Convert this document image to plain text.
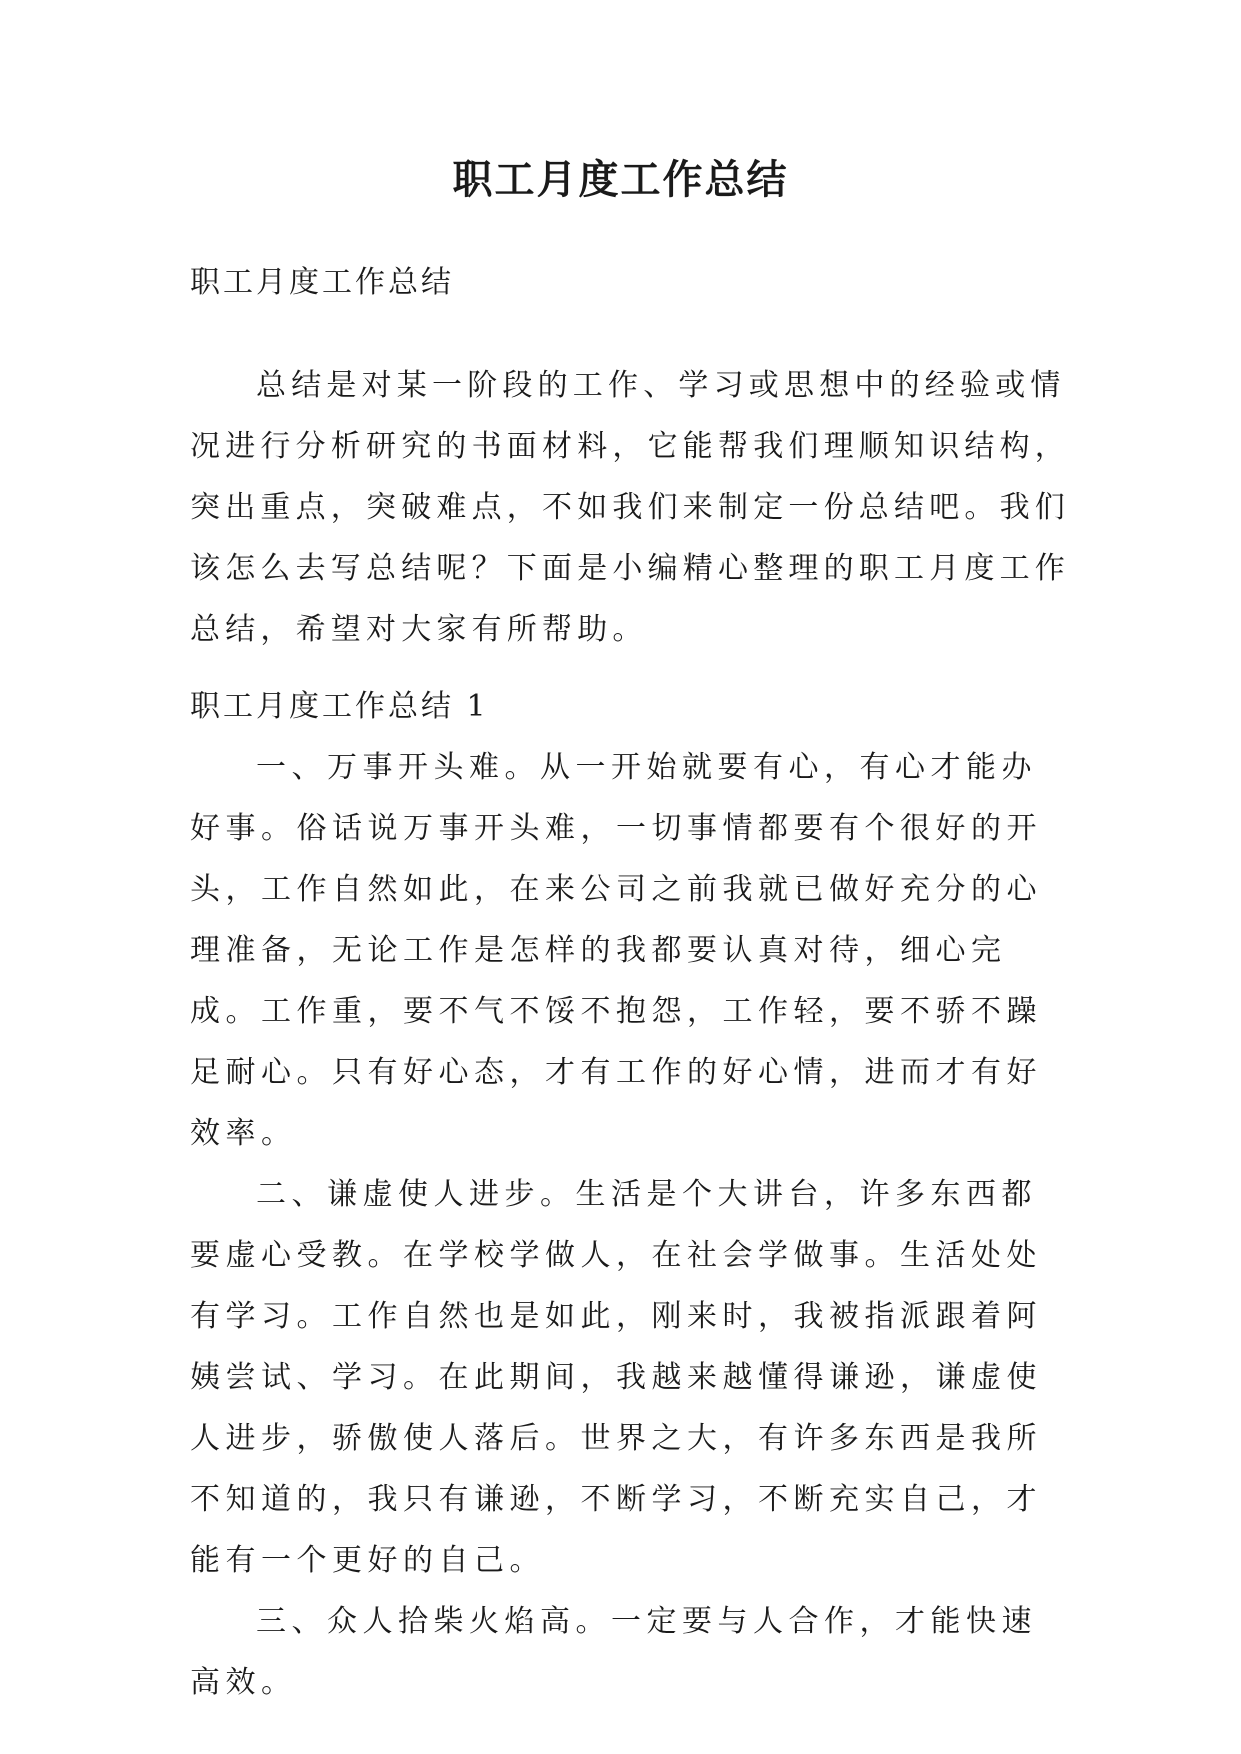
职工月度工作总结
职工月度工作总结

总结是对某一阶段的工作、学习或思想中的经验或情况进行分析研究的书面材料，它能帮我们理顺知识结构，突出重点，突破难点，不如我们来制定一份总结吧。我们该怎么去写总结呢？下面是小编精心整理的职工月度工作总结，希望对大家有所帮助。

职工月度工作总结 1

一、万事开头难。从一开始就要有心，有心才能办好事。俗话说万事开头难，一切事情都要有个很好的开头，工作自然如此，在来公司之前我就已做好充分的心理准备，无论工作是怎样的我都要认真对待，细心完成。工作重，要不气不馁不抱怨，工作轻，要不骄不躁足耐心。只有好心态，才有工作的好心情，进而才有好效率。

二、谦虚使人进步。生活是个大讲台，许多东西都要虚心受教。在学校学做人，在社会学做事。生活处处有学习。工作自然也是如此，刚来时，我被指派跟着阿姨尝试、学习。在此期间，我越来越懂得谦逊，谦虚使人进步，骄傲使人落后。世界之大，有许多东西是我所不知道的，我只有谦逊，不断学习，不断充实自己，才能有一个更好的自己。

三、众人拾柴火焰高。一定要与人合作，才能快速高效。
